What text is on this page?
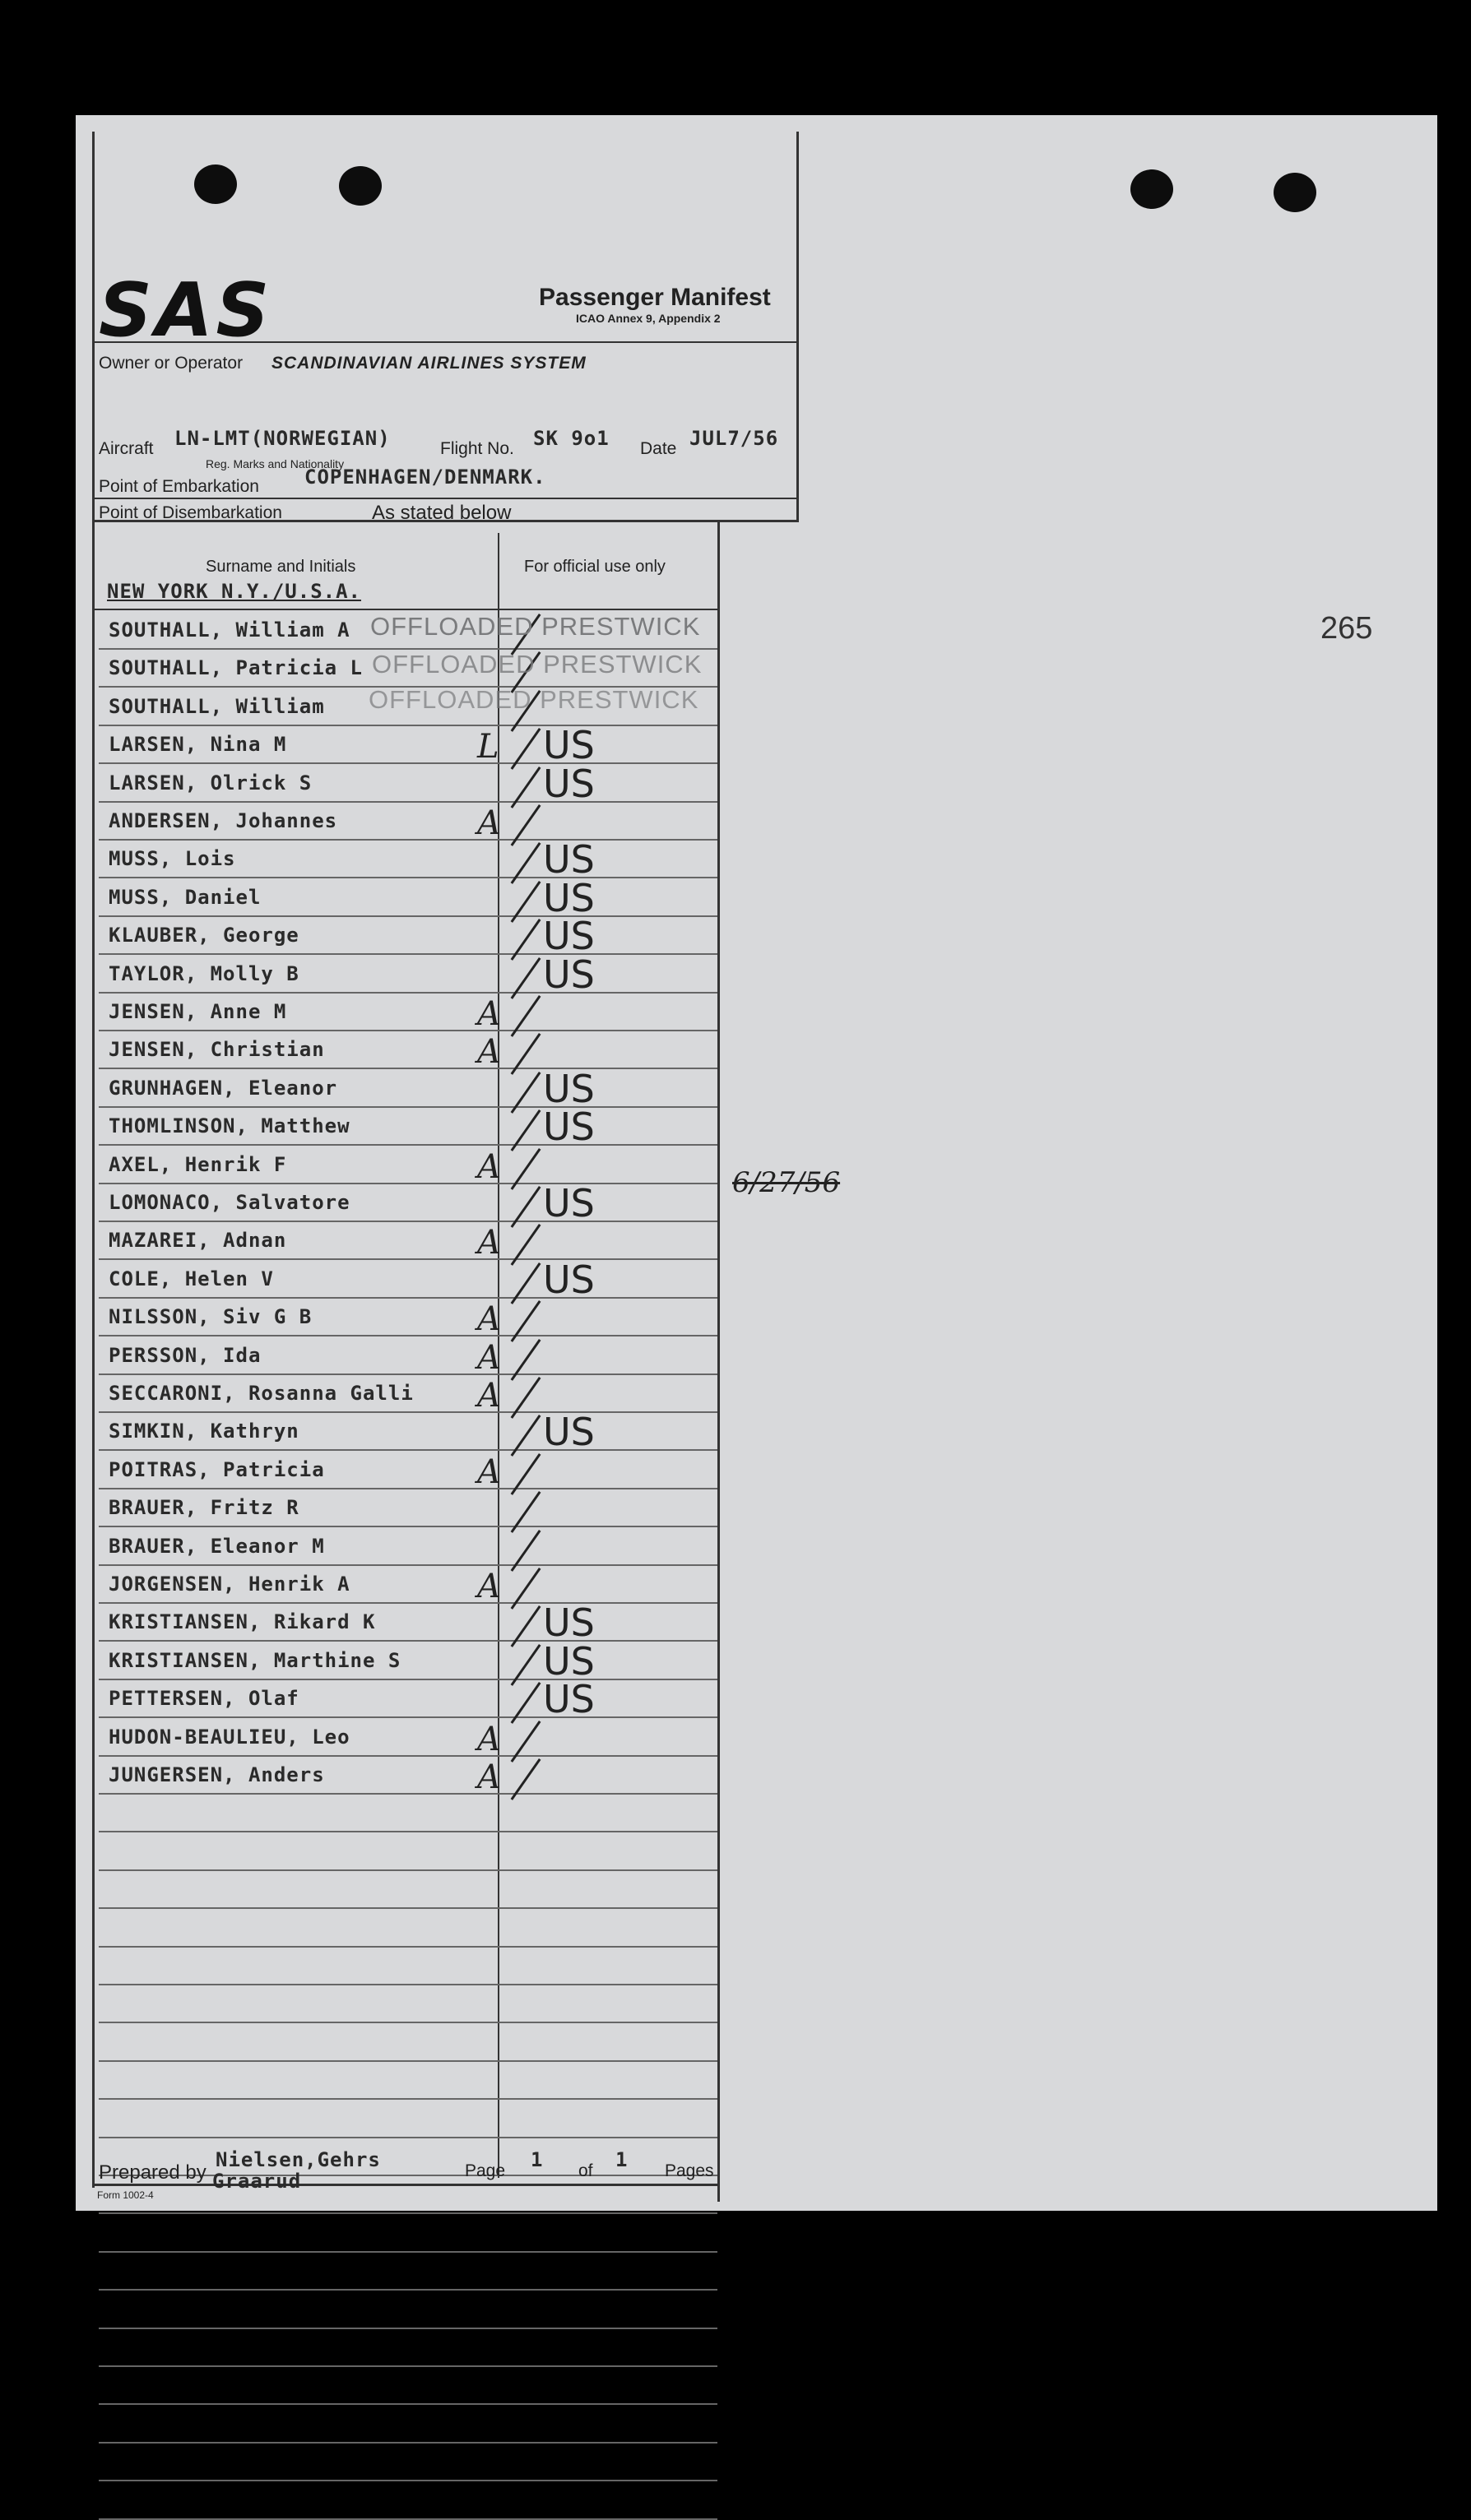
SAS	Passenger Manifest
ICAO Annex 9, Appendix 2
Owner or Operator SCANDINAVIAN AIRLINES SYSTEM
Aircraft LN-LMT(NORWEGIAN)
Reg. Marks and Nationality
Flight No. SK 9o1 Date JUL7/56
Point of Embarkation COPENHAGEN/DENMARK.
Point of Disembarkation	As stated below
Surname and Initials	For official use only
NEW YORK N.Y./U.S.A.
SOUTHALL, William A
SOUTHALL, Patricia L
SOUTHALL, William
LARSEN, Nina M	L US
LARSEN, Olrick S	US
ANDERSEN, Johannes	A
MUSS, Lois	US
MUSS, Daniel	US
KLAUBER, George	US
TAYLOR, Molly B	US
JENSEN, Anne M	A
JENSEN, Christian	A
GRUNHAGEN, Eleanor	US
THOMLINSON, Matthew	US
AXEL, Henrik F	A
LOMONACO, Salvatore	US
MAZAREI, Adnan	A
COLE, Helen V	US
NILSSON, Siv G B	A
PERSSON, Ida	A
SECCARONI, Rosanna Galli A
SIMKIN, Kathryn	US
POITRAS, Patricia	A
BRAUER, Fritz R
BRAUER, Eleanor M
JORGENSEN, Henrik A	A
KRISTIANSEN, Rikard K	US
KRISTIANSEN, Marthine S	US
PETTERSEN, Olaf	US
HUDON-BEAULIEU, Leo	A
JUNGERSEN, Anders	A
OFFLOADED PRESTWICK
OFFLOADED PRESTWICK
OFFLOADED PRESTWICK
6/27/56
265
Prepared by
Nielsen,Gehrs
Graarud	Page 1 of 1 Pages
Form 1002-4
